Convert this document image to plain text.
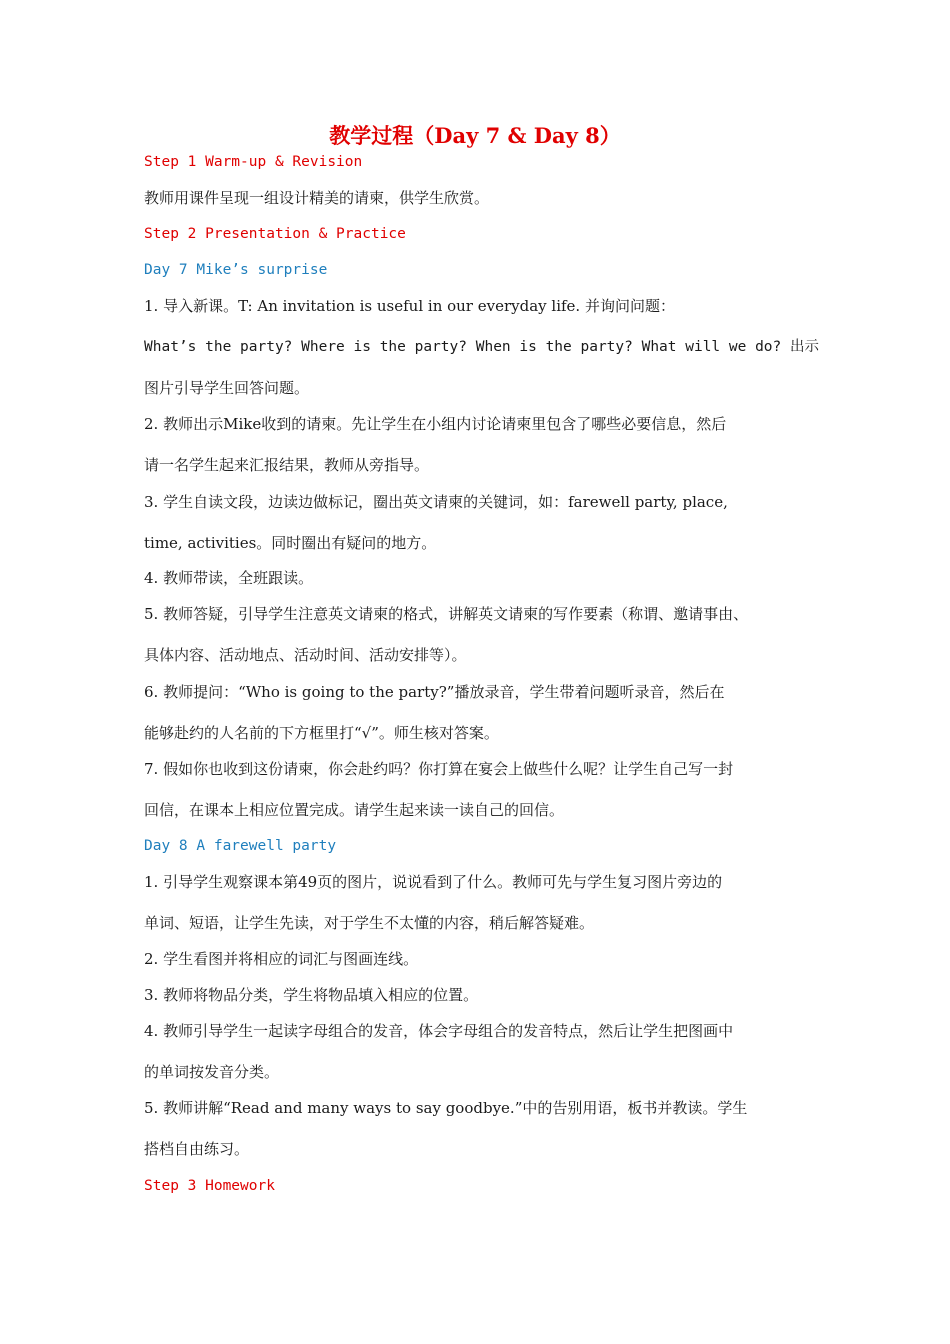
教学过程（Day 7 & Day 8）
Step 1 Warm-up & Revision
教师用课件呈现一组设计精美的请柬，供学生欣赏。
Step 2 Presentation & Practice
Day 7 Mike’s surprise
1. 导入新课。T: An invitation is useful in our everyday life. 并询问问题：
What’s the party? Where is the party? When is the party? What will we do? 出示
图片引导学生回答问题。
2. 教师出示Mike收到的请柬。先让学生在小组内讨论请柬里包含了哪些必要信息，然后
请一名学生起来汇报结果，教师从旁指导。
3. 学生自读文段，边读边做标记，圈出英文请柬的关键词，如：farewell party, place,
time, activities。同时圈出有疑问的地方。
4. 教师带读，全班跟读。
5. 教师答疑，引导学生注意英文请柬的格式，讲解英文请柬的写作要素（称谓、邀请事由、
具体内容、活动地点、活动时间、活动安排等）。
6. 教师提问：“Who is going to the party?”播放录音，学生带着问题听录音，然后在
能够赴约的人名前的下方框里打“√”。师生核对答案。
7. 假如你也收到这份请柬，你会赴约吗？你打算在宴会上做些什么呢？让学生自己写一封
回信，在课本上相应位置完成。请学生起来读一读自己的回信。
Day 8 A farewell party
1. 引导学生观察课本第49页的图片，说说看到了什么。教师可先与学生复习图片旁边的
单词、短语，让学生先读，对于学生不太懂的内容，稍后解答疑难。
2. 学生看图并将相应的词汇与图画连线。
3. 教师将物品分类，学生将物品填入相应的位置。
4. 教师引导学生一起读字母组合的发音，体会字母组合的发音特点，然后让学生把图画中
的单词按发音分类。
5. 教师讲解“Read and many ways to say goodbye.”中的告别用语，板书并教读。学生
搭档自由练习。
Step 3 Homework
